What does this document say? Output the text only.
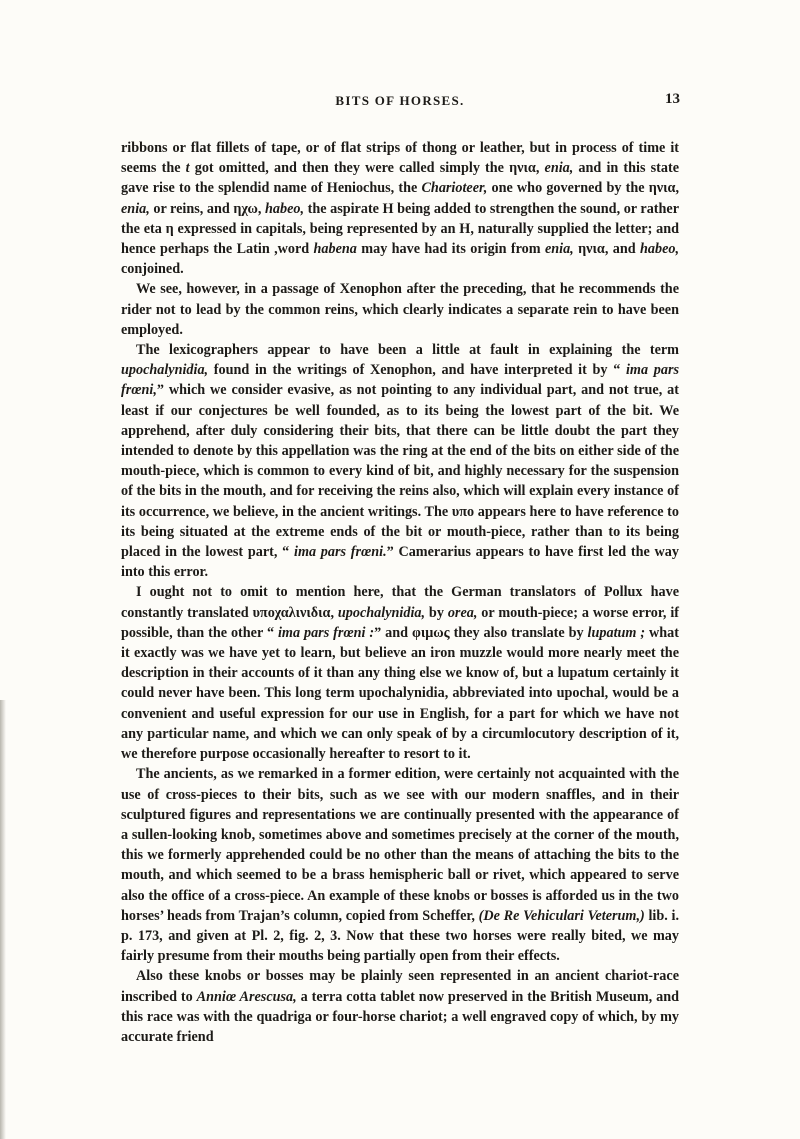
BITS OF HORSES.	13

ribbons or flat fillets of tape, or of flat strips of thong or leather, but in process of time it seems the t got omitted, and then they were called simply the ηνια, enia, and in this state gave rise to the splendid name of Heniochus, the Charioteer, one who governed by the ηνια, enia, or reins, and ηχω, habeo, the aspirate H being added to strengthen the sound, or rather the eta η expressed in capitals, being represented by an H, naturally supplied the letter; and hence perhaps the Latin ,word habena may have had its origin from enia, ηνια, and habeo, conjoined.

We see, however, in a passage of Xenophon after the preceding, that he recommends the rider not to lead by the common reins, which clearly indicates a separate rein to have been employed.

The lexicographers appear to have been a little at fault in explaining the term upochalynidia, found in the writings of Xenophon, and have interpreted it by “ ima pars frœni,” which we consider evasive, as not pointing to any individual part, and not true, at least if our conjectures be well founded, as to its being the lowest part of the bit. We apprehend, after duly considering their bits, that there can be little doubt the part they intended to denote by this appellation was the ring at the end of the bits on either side of the mouth-piece, which is common to every kind of bit, and highly necessary for the suspension of the bits in the mouth, and for receiving the reins also, which will explain every instance of its occurrence, we believe, in the ancient writings. The υπο appears here to have reference to its being situated at the extreme ends of the bit or mouth-piece, rather than to its being placed in the lowest part, “ ima pars frœni.” Camerarius appears to have first led the way into this error.

I ought not to omit to mention here, that the German translators of Pollux have constantly translated υποχαλινιδια, upochalynidia, by orea, or mouth-piece; a worse error, if possible, than the other “ ima pars frœni :” and φιμως they also translate by lupatum ; what it exactly was we have yet to learn, but believe an iron muzzle would more nearly meet the description in their accounts of it than any thing else we know of, but a lupatum certainly it could never have been. This long term upochalynidia, abbreviated into upochal, would be a convenient and useful expression for our use in English, for a part for which we have not any particular name, and which we can only speak of by a circumlocutory description of it, we therefore purpose occasionally hereafter to resort to it.

The ancients, as we remarked in a former edition, were certainly not acquainted with the use of cross-pieces to their bits, such as we see with our modern snaffles, and in their sculptured figures and representations we are continually presented with the appearance of a sullen-looking knob, sometimes above and sometimes precisely at the corner of the mouth, this we formerly apprehended could be no other than the means of attaching the bits to the mouth, and which seemed to be a brass hemispheric ball or rivet, which appeared to serve also the office of a cross-piece. An example of these knobs or bosses is afforded us in the two horses’ heads from Trajan’s column, copied from Scheffer, (De Re Vehiculari Veterum,) lib. i. p. 173, and given at Pl. 2, fig. 2, 3. Now that these two horses were really bited, we may fairly presume from their mouths being partially open from their effects.

Also these knobs or bosses may be plainly seen represented in an ancient chariot-race inscribed to Anniœ Arescusa, a terra cotta tablet now preserved in the British Museum, and this race was with the quadriga or four-horse chariot; a well engraved copy of which, by my accurate friend
